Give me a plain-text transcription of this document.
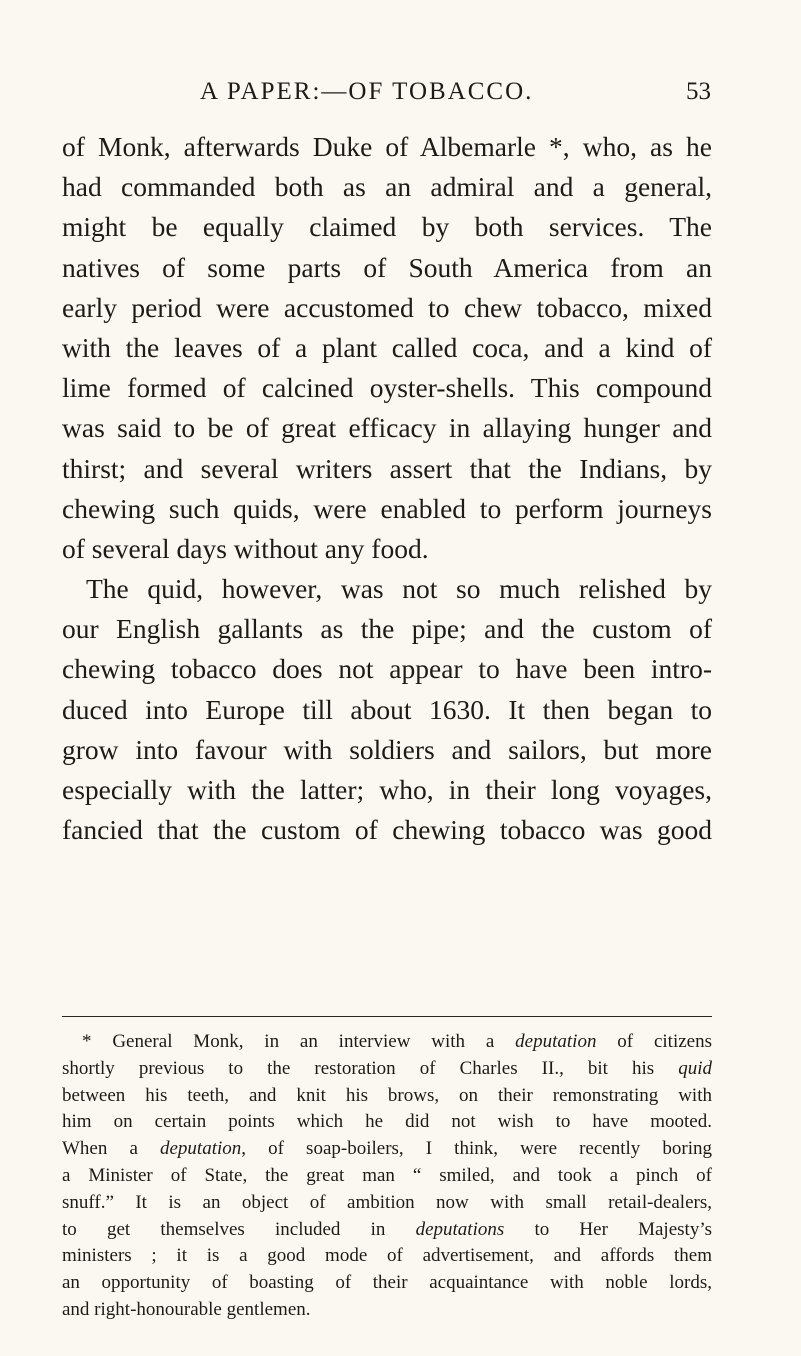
A PAPER:—OF TOBACCO.	53
of Monk, afterwards Duke of Albemarle *, who, as he
had commanded both as an admiral and a general,
might be equally claimed by both services. The
natives of some parts of South America from an
early period were accustomed to chew tobacco, mixed
with the leaves of a plant called coca, and a kind of
lime formed of calcined oyster-shells. This compound
was said to be of great efficacy in allaying hunger and
thirst; and several writers assert that the Indians, by
chewing such quids, were enabled to perform journeys
of several days without any food.
The quid, however, was not so much relished by
our English gallants as the pipe; and the custom of
chewing tobacco does not appear to have been intro-
duced into Europe till about 1630. It then began to
grow into favour with soldiers and sailors, but more
especially with the latter; who, in their long voyages,
fancied that the custom of chewing tobacco was good
* General Monk, in an interview with a deputation of citizens
shortly previous to the restoration of Charles II., bit his quid
between his teeth, and knit his brows, on their remonstrating with
him on certain points which he did not wish to have mooted.
When a deputation, of soap-boilers, I think, were recently boring
a Minister of State, the great man “ smiled, and took a pinch of
snuff.” It is an object of ambition now with small retail-dealers,
to get themselves included in deputations to Her Majesty’s
ministers ; it is a good mode of advertisement, and affords them
an opportunity of boasting of their acquaintance with noble lords,
and right-honourable gentlemen.
